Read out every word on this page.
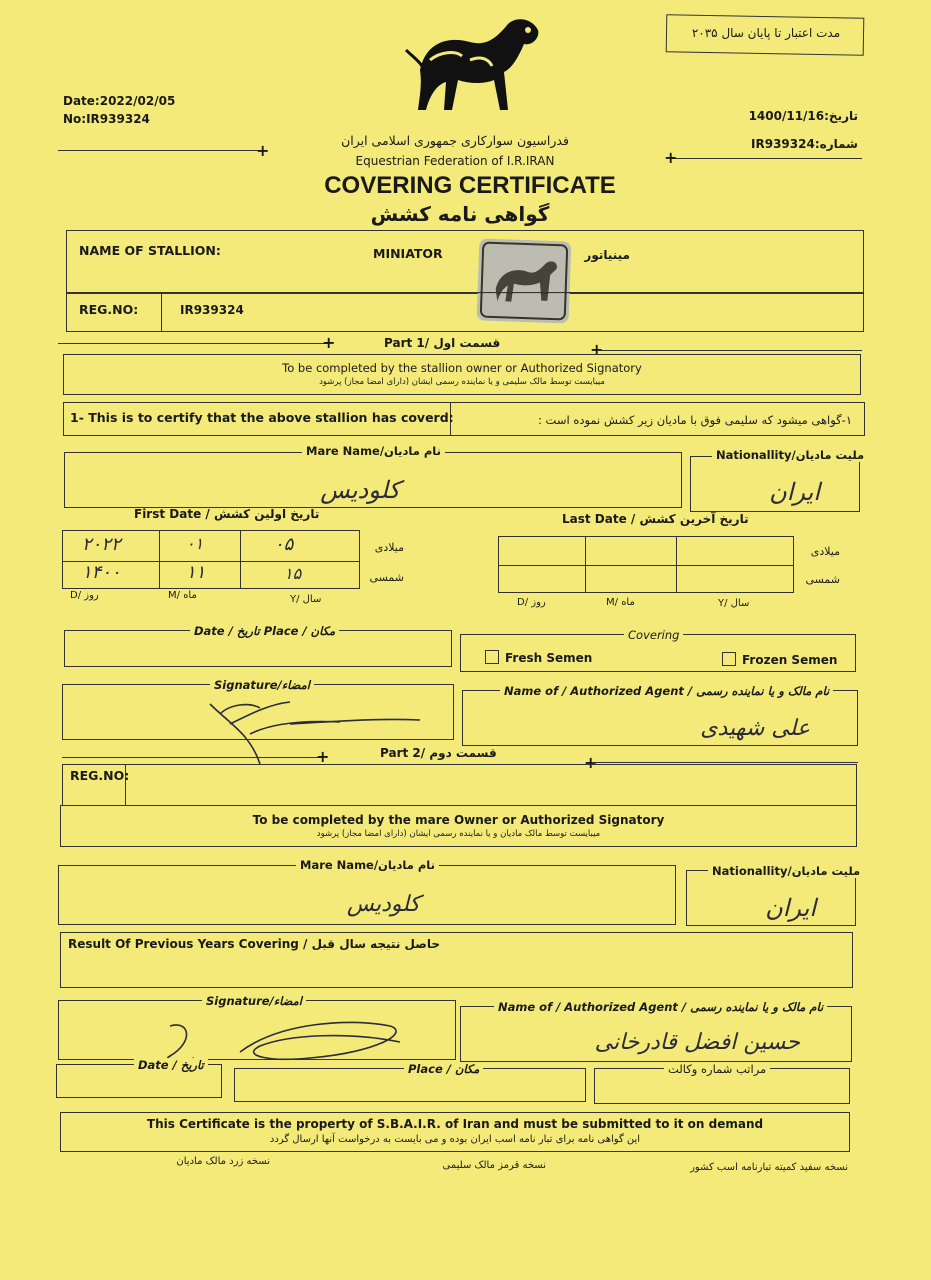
مدت اعتبار تا پایان سال ۲۰۳۵
Date:2022/02/05
No:IR939324	تاریخ:1400/11/16
شماره:IR939324
+	+
فدراسیون سوارکاری جمهوری اسلامی ایران
Equestrian Federation of I.R.IRAN
COVERING CERTIFICATE
گواهی نامه کشش
NAME OF STALLION:	MINIATOR	مینیاتور
REG.NO:	IR939324
+	Part 1/ قسمت اول	+
To be completed by the stallion owner or Authorized Signatory
میبایست توسط مالک سلیمی و یا نماینده رسمی ایشان (دارای امضا مجاز) پرشود
1- This is to certify that the above stallion has coverd:	۱-گواهی میشود که سلیمی فوق با مادیان زیر کشش نموده است :
Mare Name/نام مادیان
کلودیس
Nationallity/ملیت مادیان
ایران
First Date / تاریخ اولین کشش	Last Date / تاریخ آخرین کشش
۲۰۲۲	۰۱	۰۵
۱۴۰۰	۱۱	۱۵
میلادی
شمسی
D/ روز	M/ ماه	Y/ سال
میلادی
شمسی
D/ روز	M/ ماه	Y/ سال
Date / تاریخ Place / مکان	Covering
Fresh Semen	Frozen Semen
Signature/امضاء	Name of / Authorized Agent / نام مالک و یا نماینده رسمی
علی شهیدی
+	Part 2/ قسمت دوم	+
REG.NO:
To be completed by the mare Owner or Authorized Signatory
میبایست توسط مالک مادیان و یا نماینده رسمی ایشان (دارای امضا مجاز) پرشود
Mare Name/نام مادیان
کلودیس
Nationallity/ملیت مادیان
ایران
Result Of Previous Years Covering / حاصل نتیجه سال قبل
Signature/امضاء	Name of / Authorized Agent / نام مالک و یا نماینده رسمی
حسین افضل قادرخانی
Date / تاریخ	Place / مکان	مراتب شماره وکالت
This Certificate is the property of S.B.A.I.R. of Iran and must be submitted to it on demand
این گواهی نامه برای تبار نامه اسب ایران بوده و می بایست به درخواست آنها ارسال گردد
نسخه زرد مالک مادیان	نسخه قرمز مالک سلیمی	نسخه سفید کمیته تبارنامه اسب کشور
